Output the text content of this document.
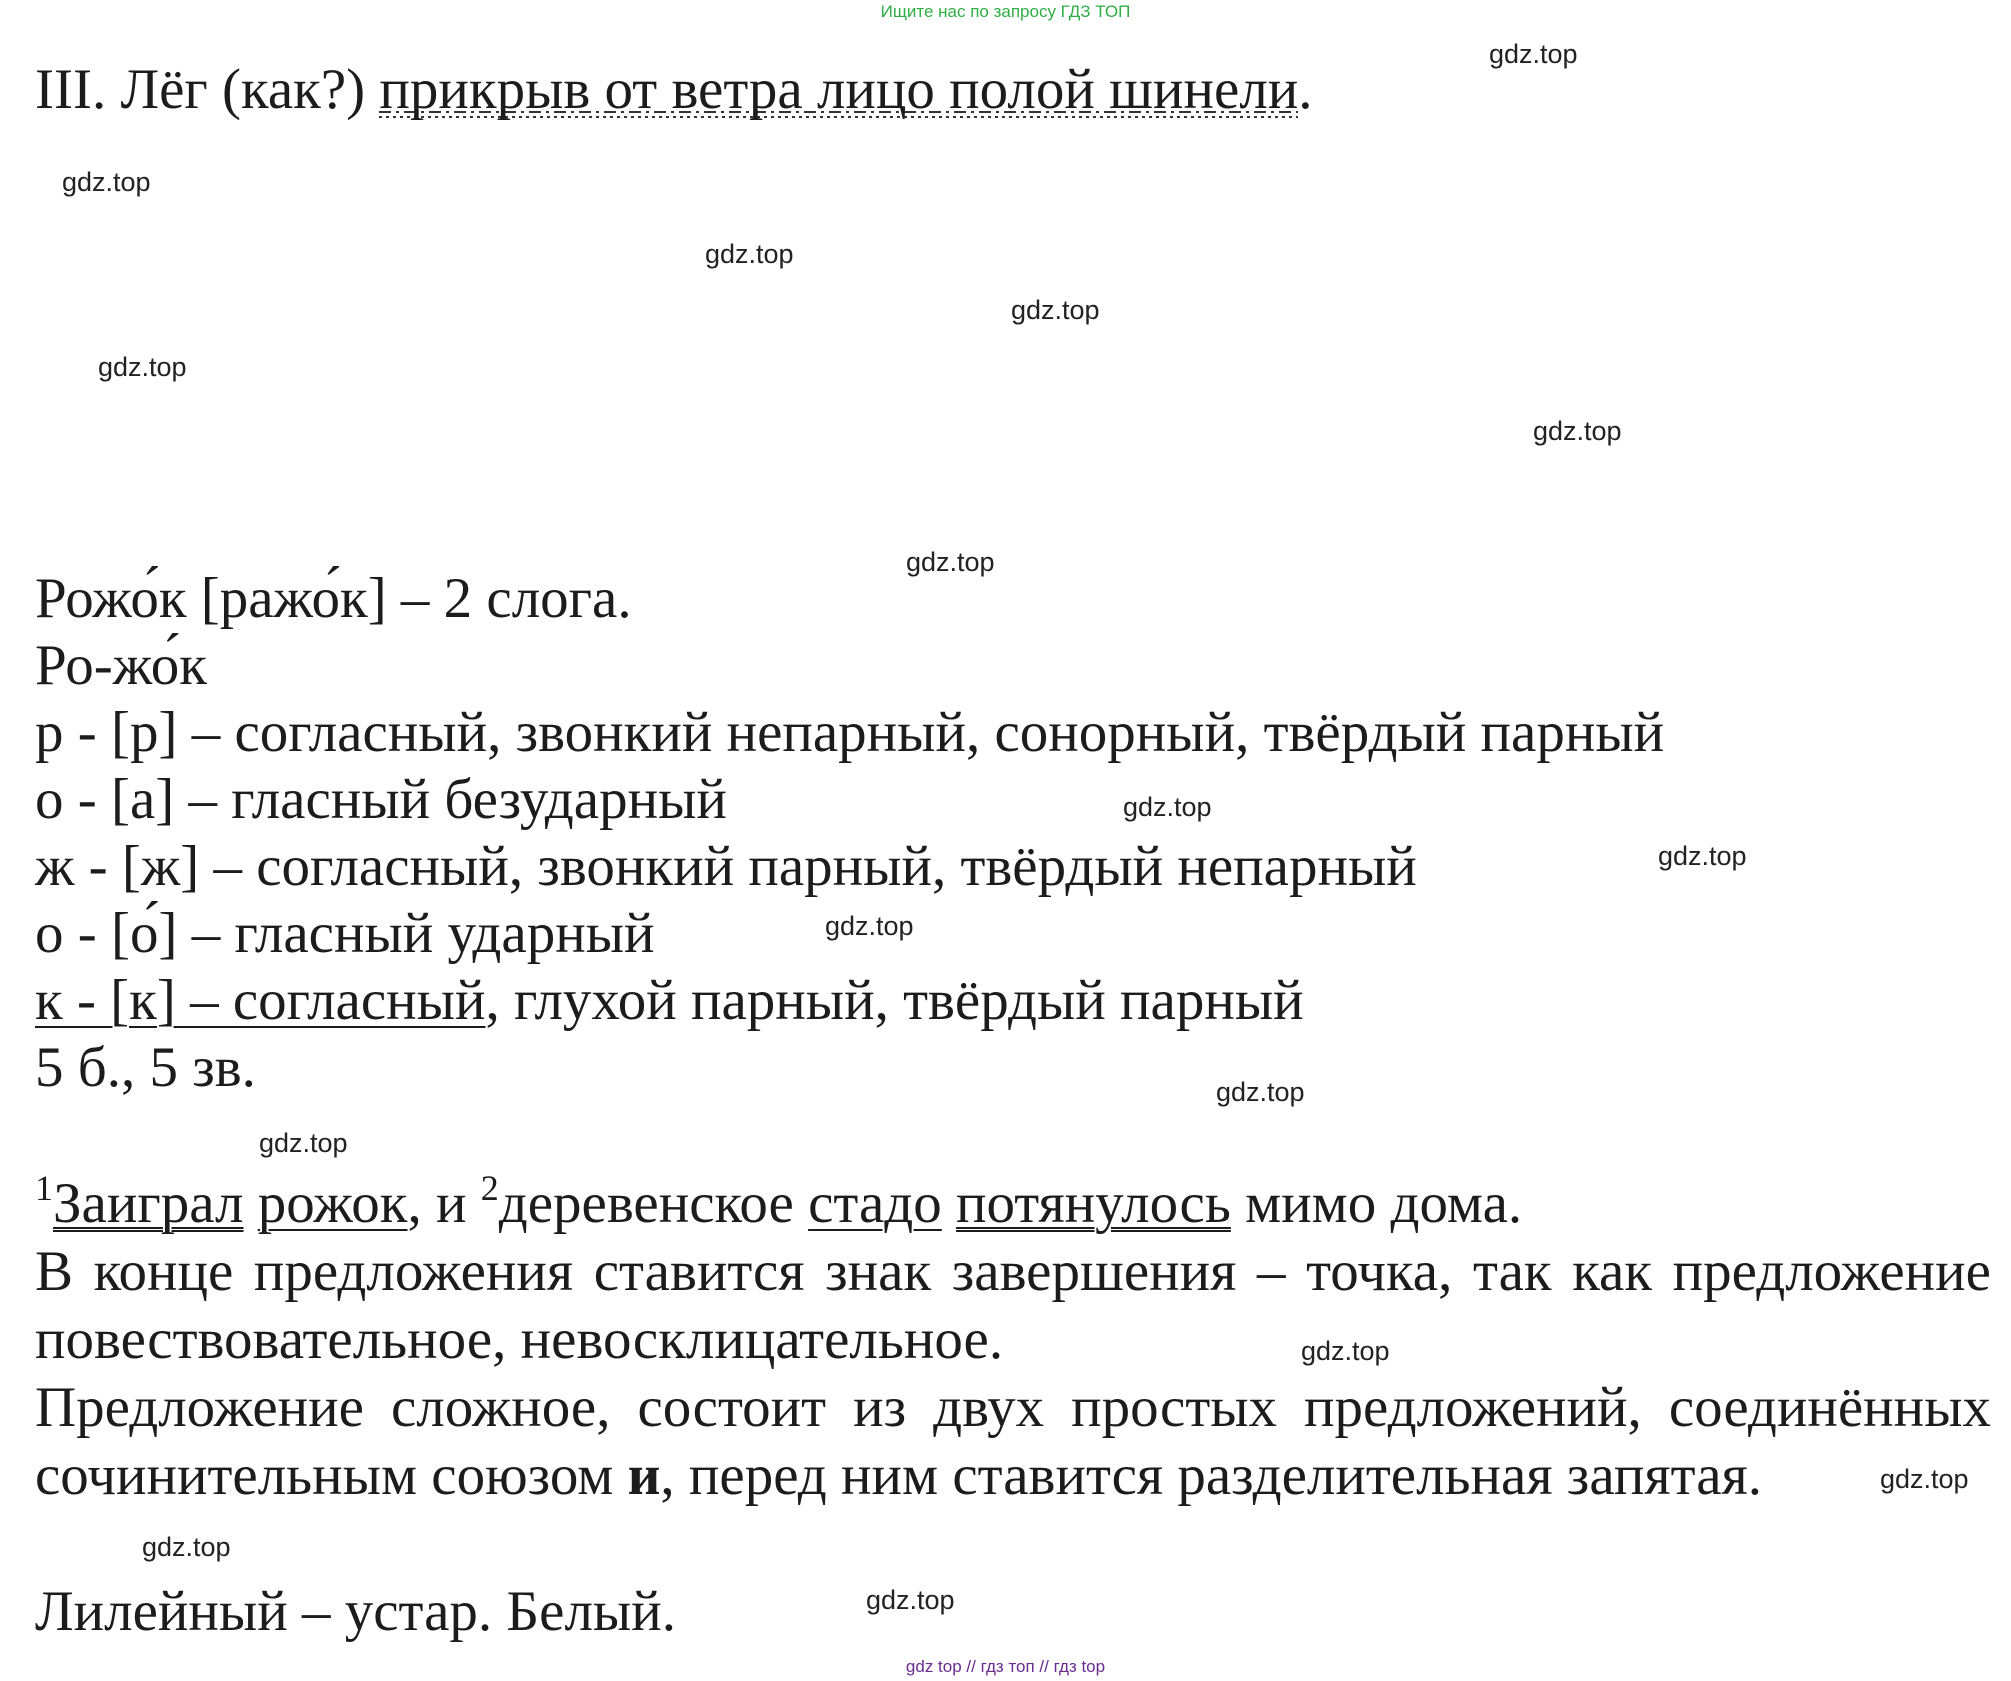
Ищите нас по запросу ГДЗ ТОП
gdz.top
gdz.top
gdz.top
gdz.top
gdz.top
gdz.top
gdz.top
gdz.top
gdz.top
gdz.top
gdz.top
gdz.top
gdz.top
gdz.top
gdz.top
gdz.top
III. Лёг (как?) прикрыв от ветра лицо полой шинели.
Рожо́к [ражо́к] – 2 слога.
Ро-жо́к
р - [р] – согласный, звонкий непарный, сонорный, твёрдый парный
о - [а] – гласный безударный
ж - [ж] – согласный, звонкий парный, твёрдый непарный
о - [о́] – гласный ударный
к - [к] – согласный, глухой парный, твёрдый парный
5 б., 5 зв.
$^1$Заиграл рожок, и $^2$деревенское стадо потянулось мимо дома.
В конце предложения ставится знак завершения – точка, так как предложение
повествовательное, невосклицательное.
Предложение сложное, состоит из двух простых предложений, соединённых
сочинительным союзом и, перед ним ставится разделительная запятая.
Лилейный – устар. Белый.
gdz top // гдз топ // гдз top
